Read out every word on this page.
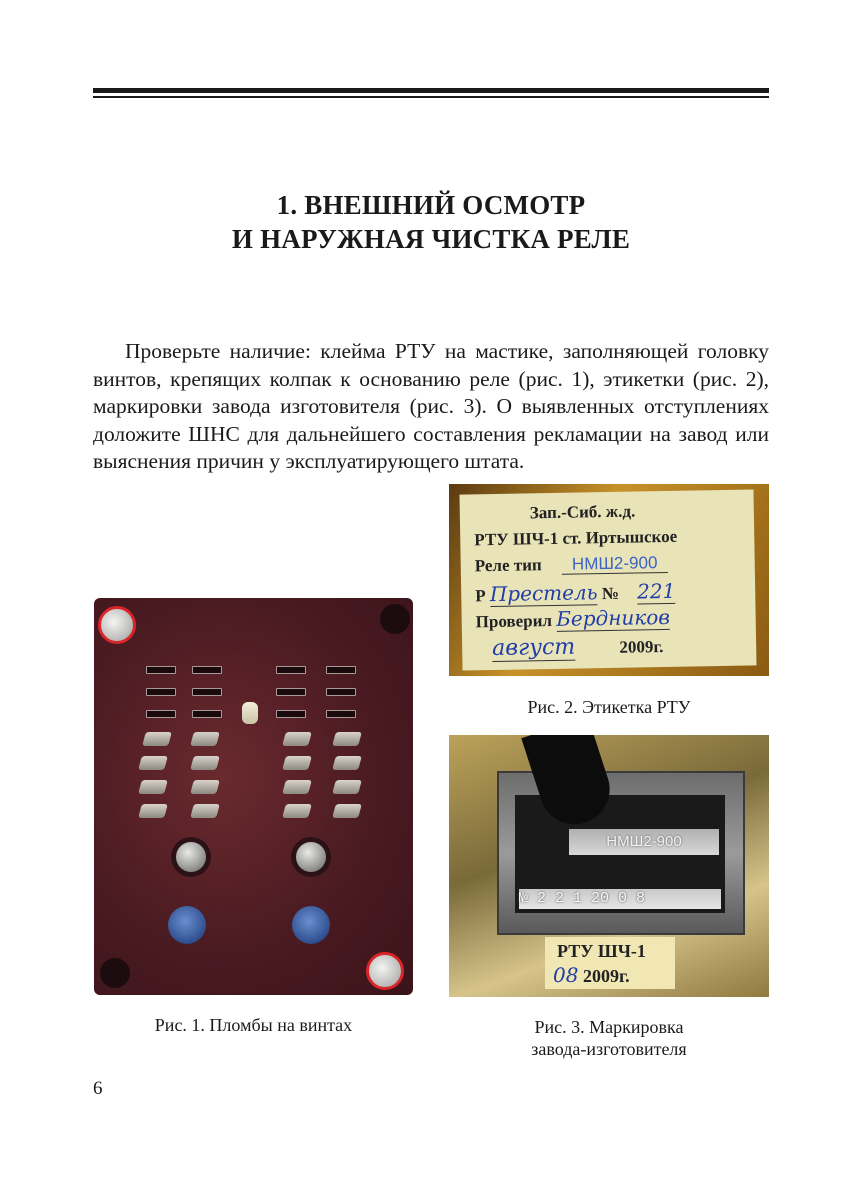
1. ВНЕШНИЙ ОСМОТР
И НАРУЖНАЯ ЧИСТКА РЕЛЕ
Проверьте наличие: клейма РТУ на мастике, заполняющей головку винтов, крепящих колпак к основанию реле (рис. 1), этикетки (рис. 2), маркировки завода изготовителя (рис. 3). О выявленных отступлениях доложите ШНС для дальнейшего составления рекламации на завод или выяснения причин у эксплуатирующего штата.
Рис. 1. Пломбы на винтах
Зап.-Сиб. ж.д.
РТУ ШЧ-1 ст. Иртышское
Реле тип НМШ2-900
Р Престель № 221
Проверил Бердников
август	2009г.
Рис. 2. Этикетка РТУ
НМШ2-900
№ 2 2 1 20 0 8
РТУ ШЧ-1
08 2009г.
Рис. 3. Маркировка
завода-изготовителя
6
